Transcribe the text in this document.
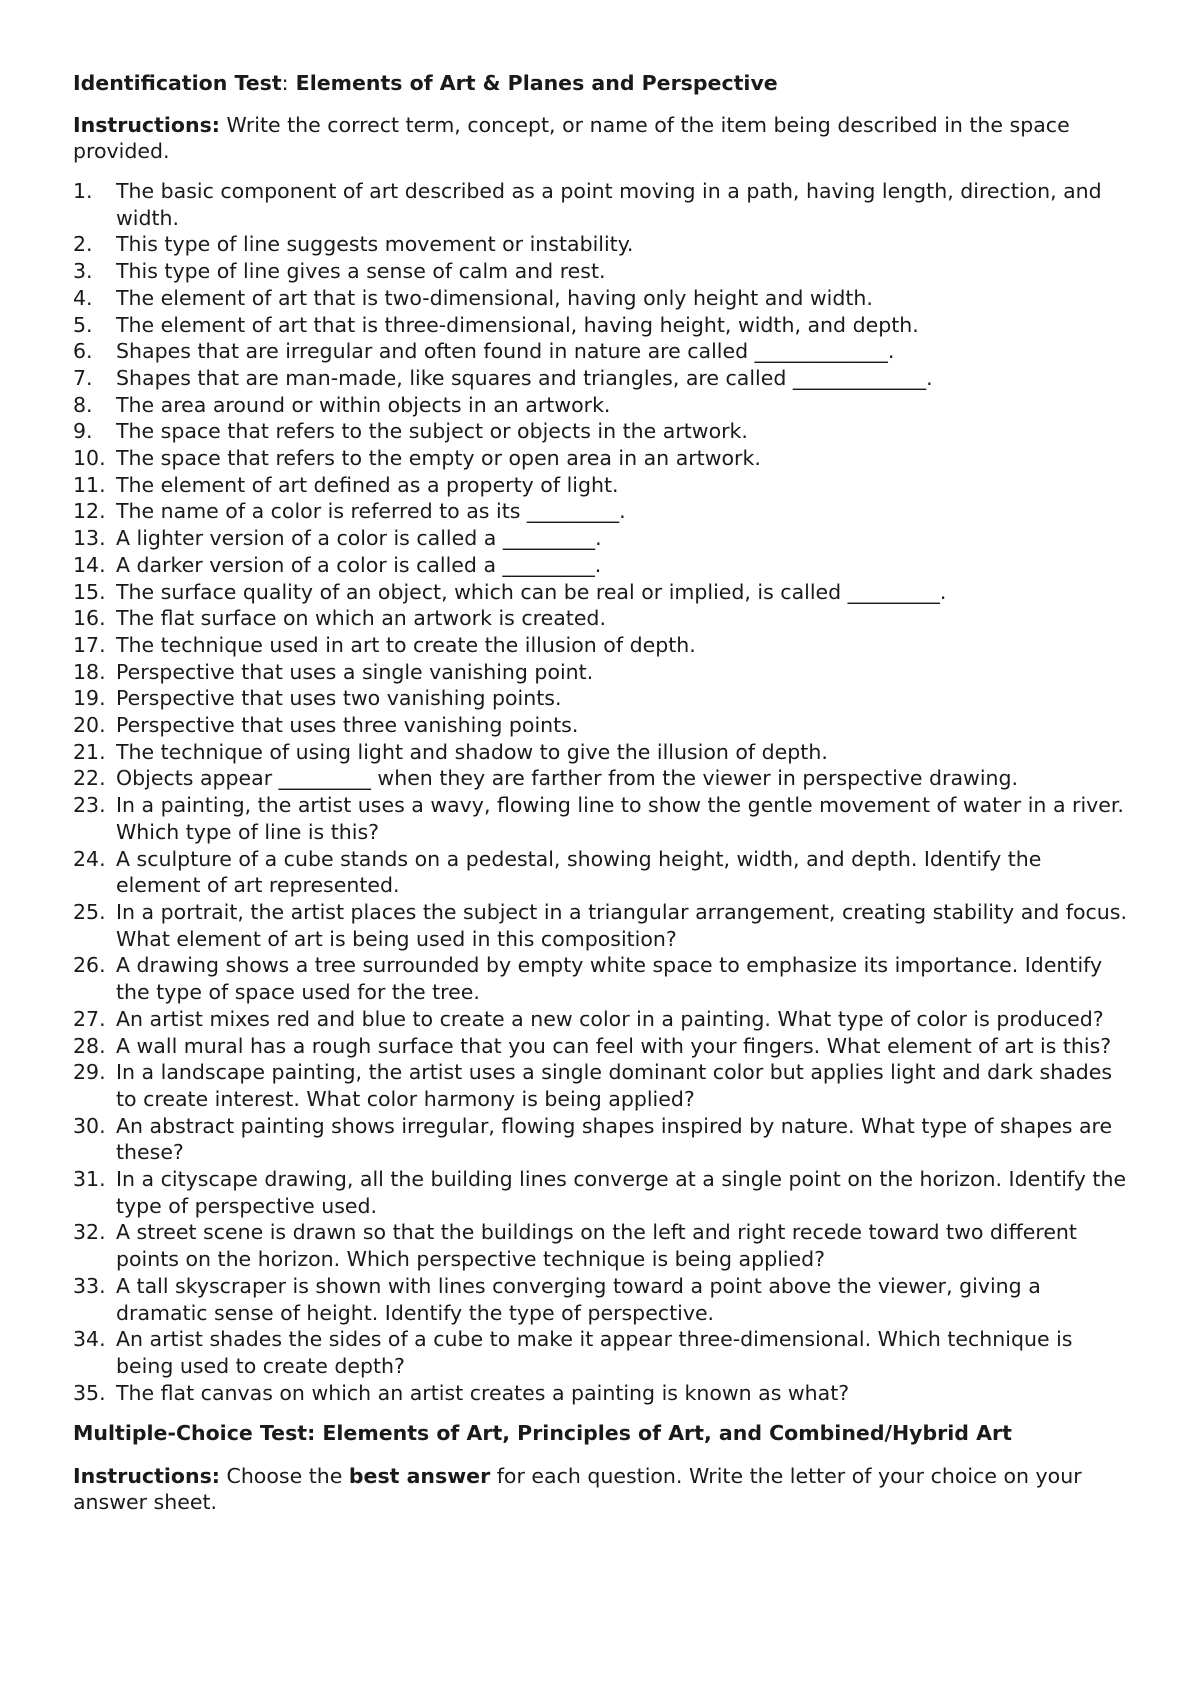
Identification Test: Elements of Art & Planes and Perspective
Instructions: Write the correct term, concept, or name of the item being described in the space provided.
1.	The basic component of art described as a point moving in a path, having length, direction, and width.
2.	This type of line suggests movement or instability.
3.	This type of line gives a sense of calm and rest.
4.	The element of art that is two-dimensional, having only height and width.
5.	The element of art that is three-dimensional, having height, width, and depth.
6.	Shapes that are irregular and often found in nature are called _____________.
7.	Shapes that are man-made, like squares and triangles, are called _____________.
8.	The area around or within objects in an artwork.
9.	The space that refers to the subject or objects in the artwork.
10. The space that refers to the empty or open area in an artwork.
11. The element of art defined as a property of light.
12. The name of a color is referred to as its _________.
13. A lighter version of a color is called a _________.
14. A darker version of a color is called a _________.
15. The surface quality of an object, which can be real or implied, is called _________.
16. The flat surface on which an artwork is created.
17. The technique used in art to create the illusion of depth.
18. Perspective that uses a single vanishing point.
19. Perspective that uses two vanishing points.
20. Perspective that uses three vanishing points.
21. The technique of using light and shadow to give the illusion of depth.
22. Objects appear _________ when they are farther from the viewer in perspective drawing.
23. In a painting, the artist uses a wavy, flowing line to show the gentle movement of water in a river. Which type of line is this?
24. A sculpture of a cube stands on a pedestal, showing height, width, and depth. Identify the element of art represented.
25. In a portrait, the artist places the subject in a triangular arrangement, creating stability and focus. What element of art is being used in this composition?
26. A drawing shows a tree surrounded by empty white space to emphasize its importance. Identify the type of space used for the tree.
27. An artist mixes red and blue to create a new color in a painting. What type of color is produced?
28. A wall mural has a rough surface that you can feel with your fingers. What element of art is this?
29. In a landscape painting, the artist uses a single dominant color but applies light and dark shades to create interest. What color harmony is being applied?
30. An abstract painting shows irregular, flowing shapes inspired by nature. What type of shapes are these?
31. In a cityscape drawing, all the building lines converge at a single point on the horizon. Identify the type of perspective used.
32. A street scene is drawn so that the buildings on the left and right recede toward two different points on the horizon. Which perspective technique is being applied?
33. A tall skyscraper is shown with lines converging toward a point above the viewer, giving a dramatic sense of height. Identify the type of perspective.
34. An artist shades the sides of a cube to make it appear three-dimensional. Which technique is being used to create depth?
35. The flat canvas on which an artist creates a painting is known as what?
Multiple-Choice Test: Elements of Art, Principles of Art, and Combined/Hybrid Art
Instructions: Choose the best answer for each question. Write the letter of your choice on your answer sheet.
